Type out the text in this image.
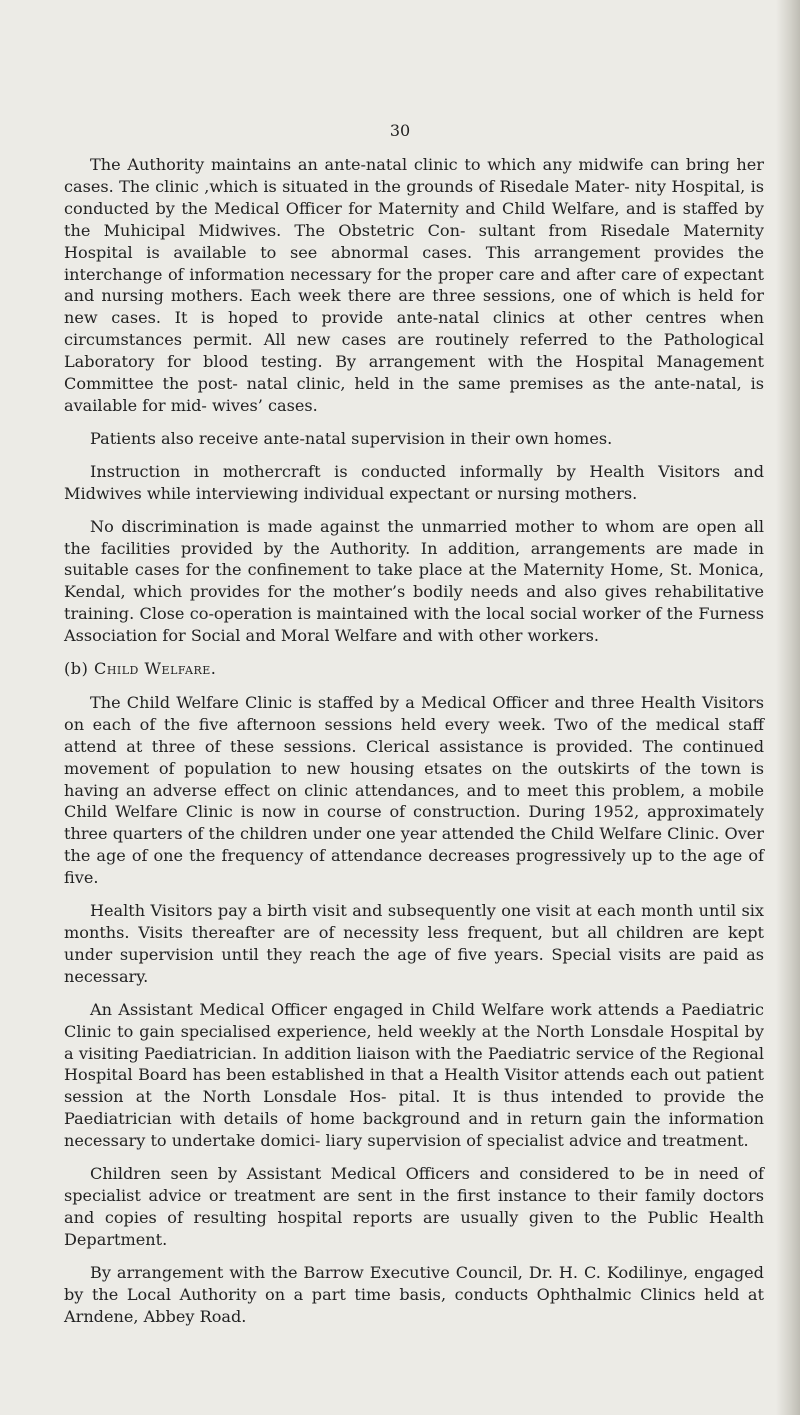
30

The Authority maintains an ante-natal clinic to which any midwife can bring her cases. The clinic ,which is situated in the grounds of Risedale Mater- nity Hospital, is conducted by the Medical Officer for Maternity and Child Welfare, and is staffed by the Muhicipal Midwives. The Obstetric Con- sultant from Risedale Maternity Hospital is available to see abnormal cases. This arrangement provides the interchange of information necessary for the proper care and after care of expectant and nursing mothers. Each week there are three sessions, one of which is held for new cases. It is hoped to provide ante-natal clinics at other centres when circumstances permit. All new cases are routinely referred to the Pathological Laboratory for blood testing. By arrangement with the Hospital Management Committee the post- natal clinic, held in the same premises as the ante-natal, is available for mid- wives’ cases.

Patients also receive ante-natal supervision in their own homes.

Instruction in mothercraft is conducted informally by Health Visitors and Midwives while interviewing individual expectant or nursing mothers.

No discrimination is made against the unmarried mother to whom are open all the facilities provided by the Authority. In addition, arrangements are made in suitable cases for the confinement to take place at the Maternity Home, St. Monica, Kendal, which provides for the mother’s bodily needs and also gives rehabilitative training. Close co-operation is maintained with the local social worker of the Furness Association for Social and Moral Welfare and with other workers.

(b) Child Welfare.

The Child Welfare Clinic is staffed by a Medical Officer and three Health Visitors on each of the five afternoon sessions held every week. Two of the medical staff attend at three of these sessions. Clerical assistance is provided. The continued movement of population to new housing etsates on the outskirts of the town is having an adverse effect on clinic attendances, and to meet this problem, a mobile Child Welfare Clinic is now in course of construction. During 1952, approximately three quarters of the children under one year attended the Child Welfare Clinic. Over the age of one the frequency of attendance decreases progressively up to the age of five.

Health Visitors pay a birth visit and subsequently one visit at each month until six months. Visits thereafter are of necessity less frequent, but all children are kept under supervision until they reach the age of five years. Special visits are paid as necessary.

An Assistant Medical Officer engaged in Child Welfare work attends a Paediatric Clinic to gain specialised experience, held weekly at the North Lonsdale Hospital by a visiting Paediatrician. In addition liaison with the Paediatric service of the Regional Hospital Board has been established in that a Health Visitor attends each out patient session at the North Lonsdale Hos- pital. It is thus intended to provide the Paediatrician with details of home background and in return gain the information necessary to undertake domici- liary supervision of specialist advice and treatment.

Children seen by Assistant Medical Officers and considered to be in need of specialist advice or treatment are sent in the first instance to their family doctors and copies of resulting hospital reports are usually given to the Public Health Department.

By arrangement with the Barrow Executive Council, Dr. H. C. Kodilinye, engaged by the Local Authority on a part time basis, conducts Ophthalmic Clinics held at Arndene, Abbey Road.
